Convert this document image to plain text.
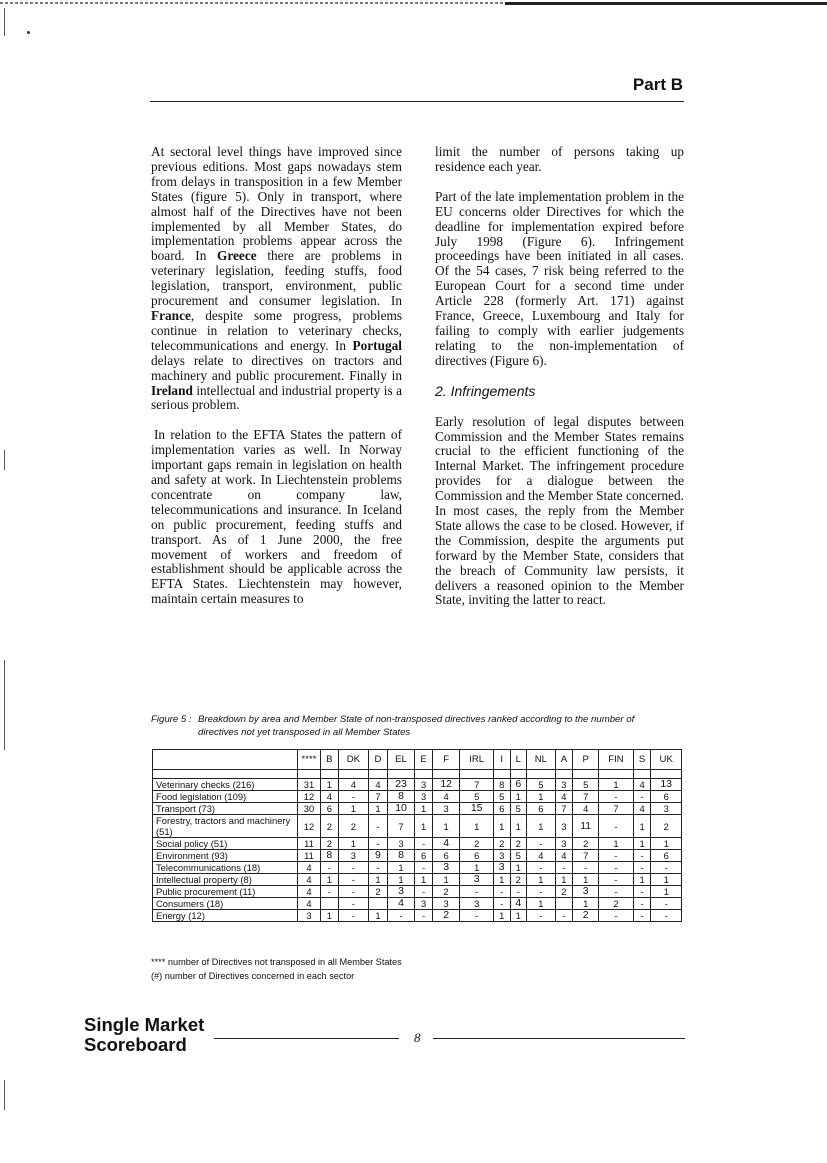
Part B

At sectoral level things have improved since previous editions. Most gaps nowadays stem from delays in transposition in a few Member States (figure 5). Only in transport, where almost half of the Directives have not been implemented by all Member States, do implementation problems appear across the board. In Greece there are problems in veterinary legislation, feeding stuffs, food legislation, transport, environment, public procurement and consumer legislation. In France, despite some progress, problems continue in relation to veterinary checks, telecommunications and energy. In Portugal delays relate to directives on tractors and machinery and public procurement. Finally in Ireland intellectual and industrial property is a serious problem.

In relation to the EFTA States the pattern of implementation varies as well. In Norway important gaps remain in legislation on health and safety at work. In Liechtenstein problems concentrate on company law, telecommunications and insurance. In Iceland on public procurement, feeding stuffs and transport. As of 1 June 2000, the free movement of workers and freedom of establishment should be applicable across the EFTA States. Liechtenstein may however, maintain certain measures to

limit the number of persons taking up residence each year.

Part of the late implementation problem in the EU concerns older Directives for which the deadline for implementation expired before July 1998 (Figure 6). Infringement proceedings have been initiated in all cases. Of the 54 cases, 7 risk being referred to the European Court for a second time under Article 228 (formerly Art. 171) against France, Greece, Luxembourg and Italy for failing to comply with earlier judgements relating to the non-implementation of directives (Figure 6).

2. Infringements

Early resolution of legal disputes between Commission and the Member States remains crucial to the efficient functioning of the Internal Market. The infringement procedure provides for a dialogue between the Commission and the Member State concerned. In most cases, the reply from the Member State allows the case to be closed. However, if the Commission, despite the arguments put forward by the Member State, considers that the breach of Community law persists, it delivers a reasoned opinion to the Member State, inviting the latter to react.

Figure 5 : Breakdown by area and Member State of non-transposed directives ranked according to the number of
directives not yet transposed in all Member States
	****	B	DK	D	EL	E	F	IRL	I	L	NL	A	P	FIN	S	UK

Veterinary checks (216)	31	1	4	4	23	3	12	7	8	6	5	3	5	1	4	13
Food legislation (109)	12	4	-	7	8	3	4	5	5	1	1	4	7	-	-	6
Transport (73)	30	6	1	1	10	1	3	15	6	5	6	7	4	7	4	3
Forestry, tractors and machinery (51)	12	2	2	-	7	1	1	1	1	1	1	3	11	-	1	2
Social policy (51)	11	2	1	-	3	-	4	2	2	2	-	3	2	1	1	1
Environment (93)	11	8	3	9	8	6	6	6	3	5	4	4	7	-	-	6
Telecommunications (18)	4	-	-	-	1	-	3	1	3	1	-	-	-	-	-	-
Intellectual property (8)	4	1	-	1	1	1	1	3	1	2	1	1	1	-	1	1
Public procurement (11)	4	-	-	2	3	-	2	-	-	-	-	2	3	-	-	1
Consumers (18)	4		-		4	3	3	3	-	4	1		1	2	-	-
Energy (12)	3	1	-	1	-	-	2	-	1	1	-	-	2	-	-	-
**** number of Directives not transposed in all Member States
(#) number of Directives concerned in each sector
Single Market
Scoreboard	8
